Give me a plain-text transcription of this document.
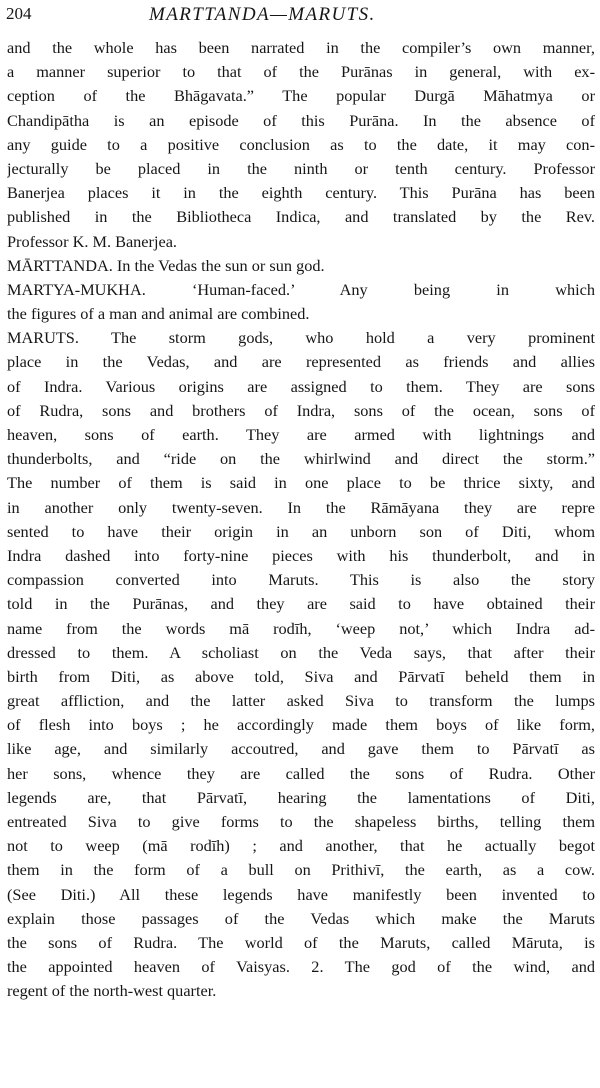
204	MARTTANDA—MARUTS.
and the whole has been narrated in the compiler’s own manner,
a manner superior to that of the Purānas in general, with ex-
ception of the Bhāgavata.” The popular Durgā Māhatmya or
Chandipātha is an episode of this Purāna. In the absence of
any guide to a positive conclusion as to the date, it may con-
jecturally be placed in the ninth or tenth century. Professor
Banerjea places it in the eighth century. This Purāna has been
published in the Bibliotheca Indica, and translated by the Rev.
Professor K. M. Banerjea.
MĀRTTANDA. In the Vedas the sun or sun god.
MARTYA-MUKHA. ‘Human-faced.’ Any being in which
the figures of a man and animal are combined.
MARUTS. The storm gods, who hold a very prominent
place in the Vedas, and are represented as friends and allies
of Indra. Various origins are assigned to them. They are sons
of Rudra, sons and brothers of Indra, sons of the ocean, sons of
heaven, sons of earth. They are armed with lightnings and
thunderbolts, and “ride on the whirlwind and direct the storm.”
The number of them is said in one place to be thrice sixty, and
in another only twenty-seven. In the Rāmāyana they are repre
sented to have their origin in an unborn son of Diti, whom
Indra dashed into forty-nine pieces with his thunderbolt, and in
compassion converted into Maruts. This is also the story
told in the Purānas, and they are said to have obtained their
name from the words mā rodīh, ‘weep not,’ which Indra ad-
dressed to them. A scholiast on the Veda says, that after their
birth from Diti, as above told, Siva and Pārvatī beheld them in
great affliction, and the latter asked Siva to transform the lumps
of flesh into boys ; he accordingly made them boys of like form,
like age, and similarly accoutred, and gave them to Pārvatī as
her sons, whence they are called the sons of Rudra. Other
legends are, that Pārvatī, hearing the lamentations of Diti,
entreated Siva to give forms to the shapeless births, telling them
not to weep (mā rodīh) ; and another, that he actually begot
them in the form of a bull on Prithivī, the earth, as a cow.
(See Diti.) All these legends have manifestly been invented to
explain those passages of the Vedas which make the Maruts
the sons of Rudra. The world of the Maruts, called Māruta, is
the appointed heaven of Vaisyas. 2. The god of the wind, and
regent of the north-west quarter.
